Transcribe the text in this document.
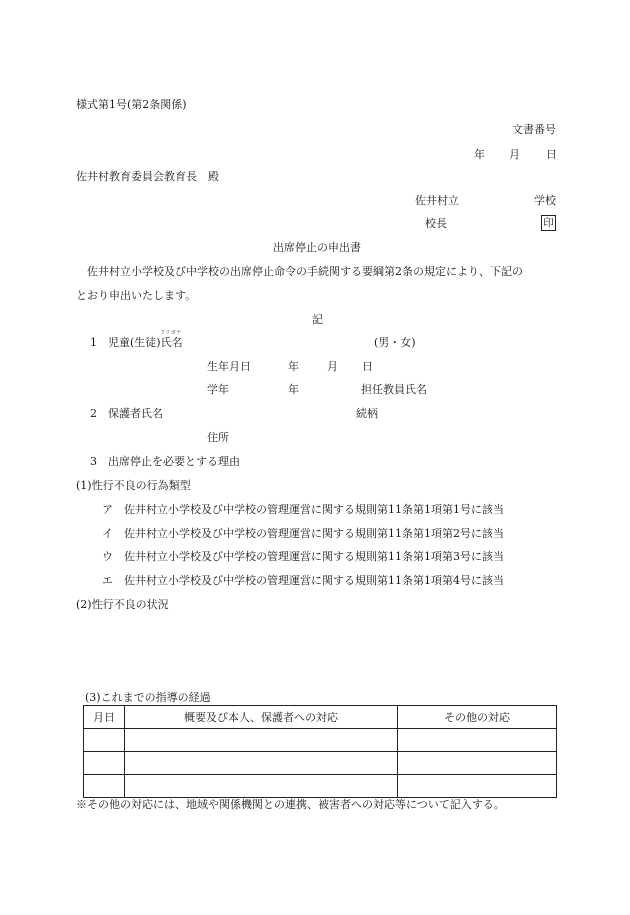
様式第1号(第2条関係)
文書番号
年 月 日
佐井村教育委員会教育長　殿
佐井村立	学校
校長	印
出席停止の申出書
佐井村立小学校及び中学校の出席停止命令の手続関する要綱第2条の規定により、下記の
とおり申出いたします。
記
フリガナ
1　児童(生徒)氏名	(男・女)
生年月日	年	月 日
学年	年	担任教員氏名
2　保護者氏名	続柄
住所
3　出席停止を必要とする理由
(1)性行不良の行為類型
ア 佐井村立小学校及び中学校の管理運営に関する規則第11条第1項第1号に該当
イ 佐井村立小学校及び中学校の管理運営に関する規則第11条第1項第2号に該当
ウ 佐井村立小学校及び中学校の管理運営に関する規則第11条第1項第3号に該当
エ 佐井村立小学校及び中学校の管理運営に関する規則第11条第1項第4号に該当
(2)性行不良の状況
(3)これまでの指導の経過
月日	概要及び本人、保護者への対応	その他の対応

※その他の対応には、地域や関係機関との連携、被害者への対応等について記入する。
